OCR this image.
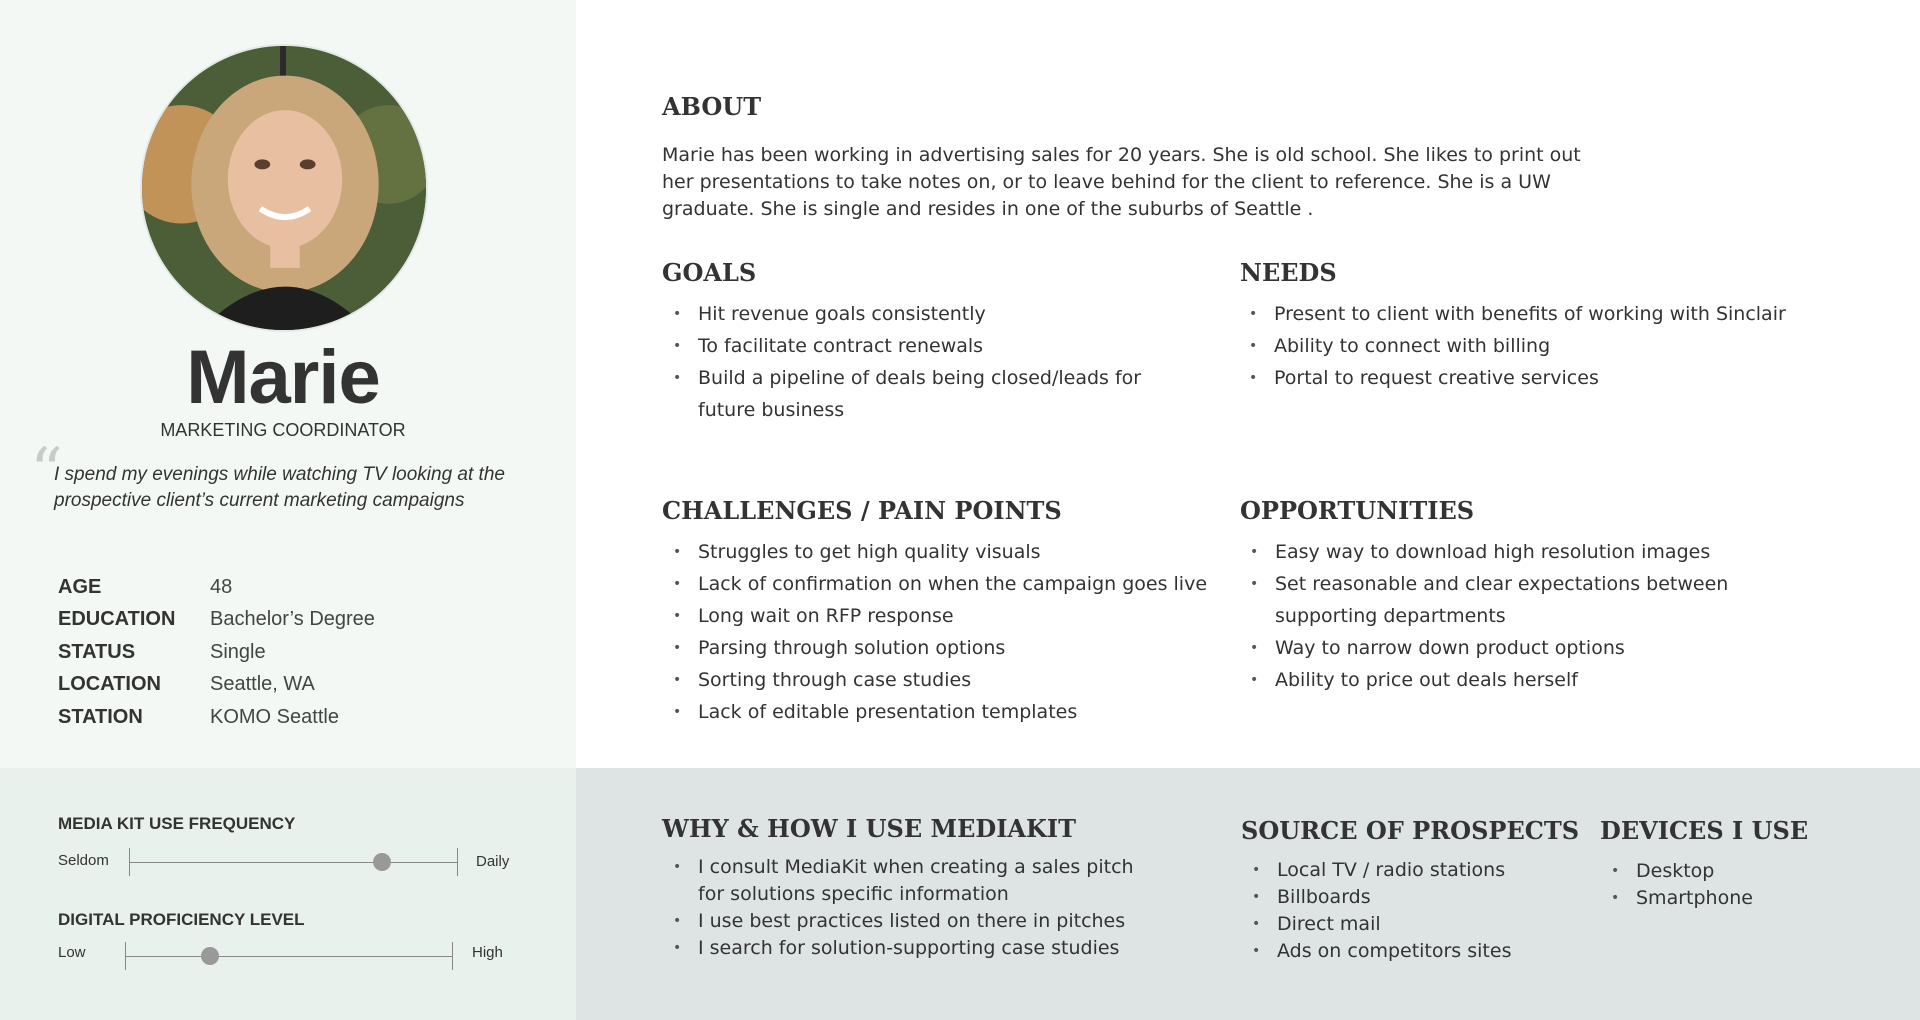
Marie
MARKETING COORDINATOR
“
I spend my evenings while watching TV looking at the prospective client’s current marketing campaigns
AGE	48
EDUCATION	Bachelor’s Degree
STATUS	Single
LOCATION	Seattle, WA
STATION	KOMO Seattle
ABOUT
Marie has been working in advertising sales for 20 years. She is old school. She likes to print out her presentations to take notes on, or to leave behind for the client to reference. She is a UW graduate. She is single and resides in one of the suburbs of Seattle .
GOALS
• Hit revenue goals consistently
• To facilitate contract renewals
• Build a pipeline of deals being closed/leads for future business
NEEDS
• Present to client with benefits of working with Sinclair
• Ability to connect with billing
• Portal to request creative services
CHALLENGES / PAIN POINTS
• Struggles to get high quality visuals
• Lack of confirmation on when the campaign goes live
• Long wait on RFP response
• Parsing through solution options
• Sorting through case studies
• Lack of editable presentation templates
OPPORTUNITIES
• Easy way to download high resolution images
• Set reasonable and clear expectations between supporting departments
• Way to narrow down product options
• Ability to price out deals herself
MEDIA KIT USE FREQUENCY
Seldom	Daily
DIGITAL PROFICIENCY LEVEL
Low	High
WHY & HOW I USE MEDIAKIT
• I consult MediaKit when creating a sales pitch for solutions specific information
• I use best practices listed on there in pitches
• I search for solution-supporting case studies
SOURCE OF PROSPECTS
• Local TV / radio stations
• Billboards
• Direct mail
• Ads on competitors sites
DEVICES I USE
• Desktop
• Smartphone
